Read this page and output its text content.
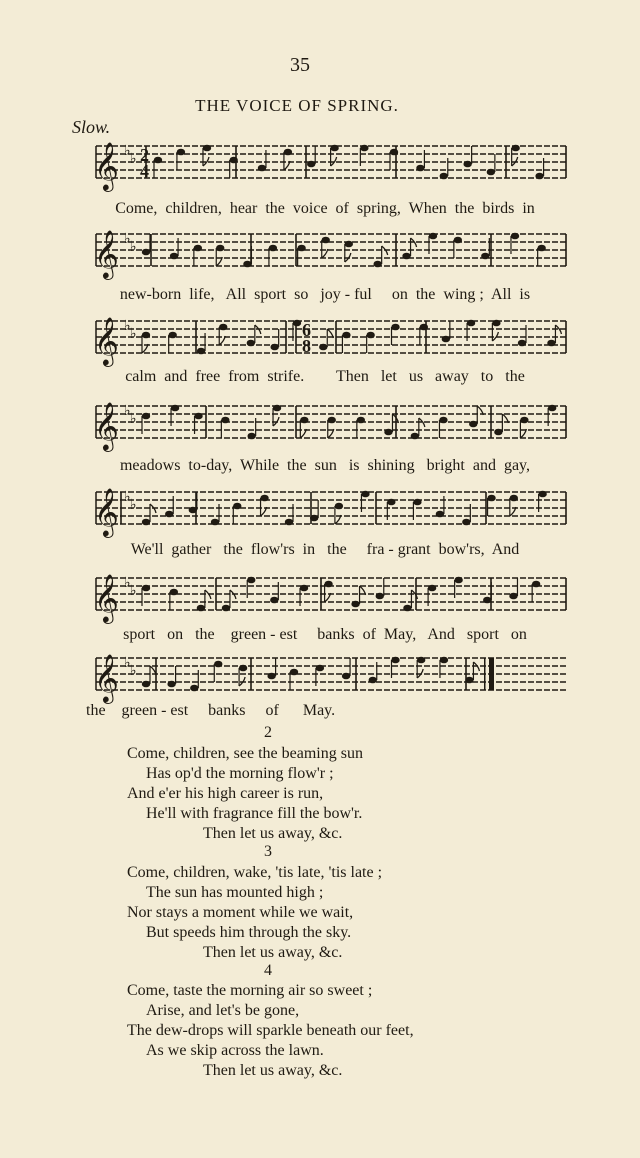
35
THE VOICE OF SPRING.
Slow.
𝄞 ♭ ♭ 2
4
𝄞 ♭ ♭
𝄞 ♭ ♭	6
8
𝄞 ♭ ♭
𝄞 ♭ ♭
𝄞 ♭ ♭
𝄞 ♭ ♭
Come,  children,  hear  the  voice  of  spring,  When  the  birds  in
new-born  life,   All  sport  so   joy - ful     on  the  wing ;  All  is
calm  and  free  from  strife.        Then   let   us   away   to   the
meadows  to-day,  While  the  sun   is  shining   bright  and  gay,
We'll  gather   the  flow'rs  in   the     fra - grant  bow'rs,  And
sport   on   the    green - est     banks  of  May,   And   sport   on
the    green - est     banks     of      May.
2
Come, children, see the beaming sun
Has op'd the morning flow'r ;
And e'er his high career is run,
He'll with fragrance fill the bow'r.
Then let us away, &c.
3
Come, children, wake, 'tis late, 'tis late ;
The sun has mounted high ;
Nor stays a moment while we wait,
But speeds him through the sky.
Then let us away, &c.
4
Come, taste the morning air so sweet ;
Arise, and let's be gone,
The dew-drops will sparkle beneath our feet,
As we skip across the lawn.
Then let us away, &c.
